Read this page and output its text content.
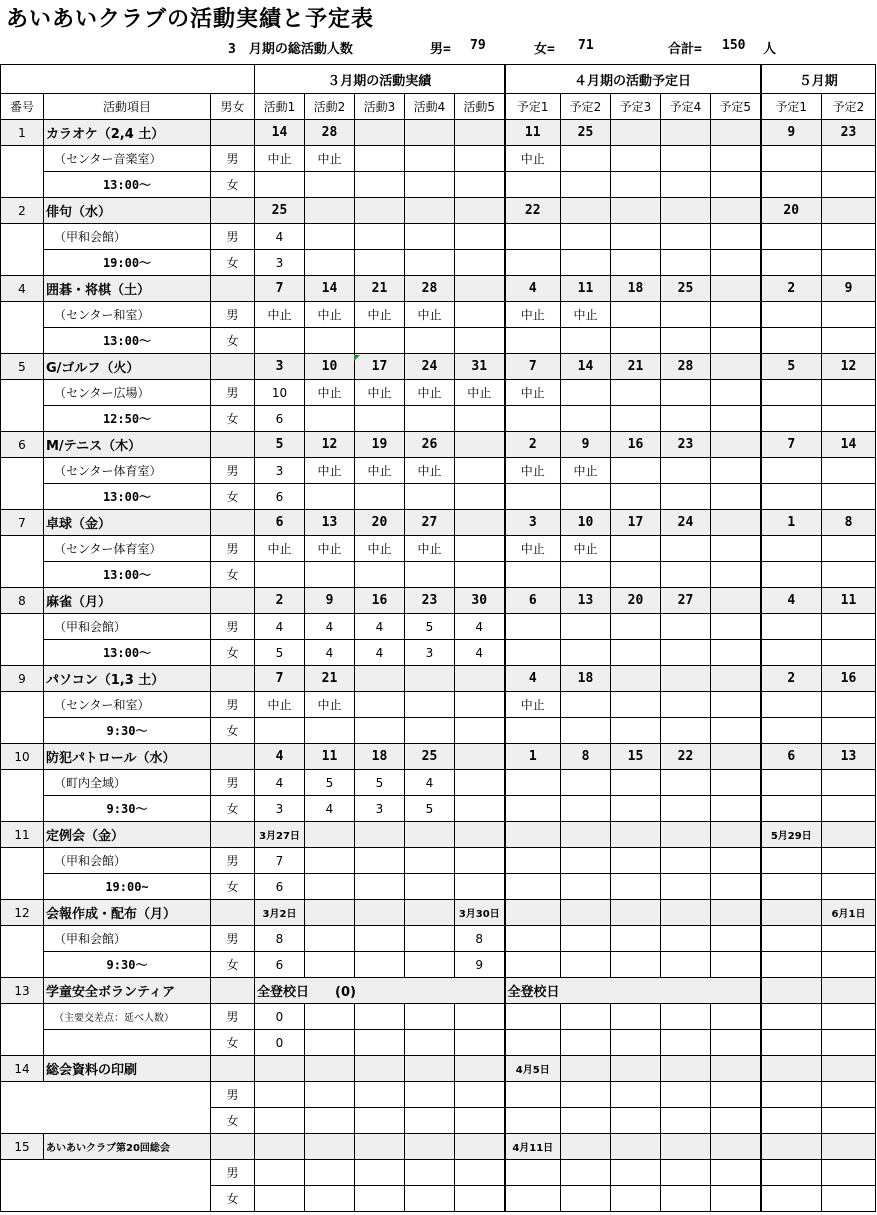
あいあいクラブの活動実績と予定表
3　月期の総活動人数	男= 79	女= 71	合計= 150 人
			３月期の活動実績					４月期の活動予定日					５月期	
番号	活動項目	男女	活動1	活動2	活動3	活動4	活動5	予定1	予定2	予定3	予定4	予定5	予定1	予定2
1	カラオケ（2,4 土）		14	28				11	25				9	23
	（センター音楽室）	男	中止	中止				中止						
	13:00～	女												
2	俳句（水）		25					22					20	
	（甲和会館）	男	4											
	19:00～	女	3											
4	囲碁・将棋（土）		7	14	21	28		4	11	18	25		2	9
	（センター和室）	男	中止	中止	中止	中止		中止	中止					
	13:00～	女												
5	G/ゴルフ（火）		3	10	17	24	31	7	14	21	28		5	12
	（センター広場）	男	10	中止	中止	中止	中止	中止						
	12:50～	女	6											
6	M/テニス（木）		5	12	19	26		2	9	16	23		7	14
	（センター体育室）	男	3	中止	中止	中止		中止	中止					
	13:00～	女	6											
7	卓球（金）		6	13	20	27		3	10	17	24		1	8
	（センター体育室）	男	中止	中止	中止	中止		中止	中止					
	13:00～	女												
8	麻雀（月）		2	9	16	23	30	6	13	20	27		4	11
	（甲和会館）	男	4	4	4	5	4							
	13:00～	女	5	4	4	3	4							
9	パソコン（1,3 土）		7	21				4	18				2	16
	（センター和室）	男	中止	中止				中止						
	9:30～	女												
10	防犯パトロール（水）		4	11	18	25		1	8	15	22		6	13
	（町内全域）	男	4	5	5	4								
	9:30～	女	3	4	3	5								
11	定例会（金）		3月27日										5月29日	
	（甲和会館）	男	7											
	19:00~	女	6											
12	会報作成・配布（月）		3月2日				3月30日							6月1日
	（甲和会館）	男	8				8							
	9:30～	女	6				9							
13	学童安全ボランティア		全登校日　　(0)					全登校日						
	（主要交差点：延べ人数）	男	0											
		女	0											
14	総会資料の印刷							4月5日						
		男												
		女												
15	あいあいクラブ第20回総会							4月11日						
		男												
		女												
